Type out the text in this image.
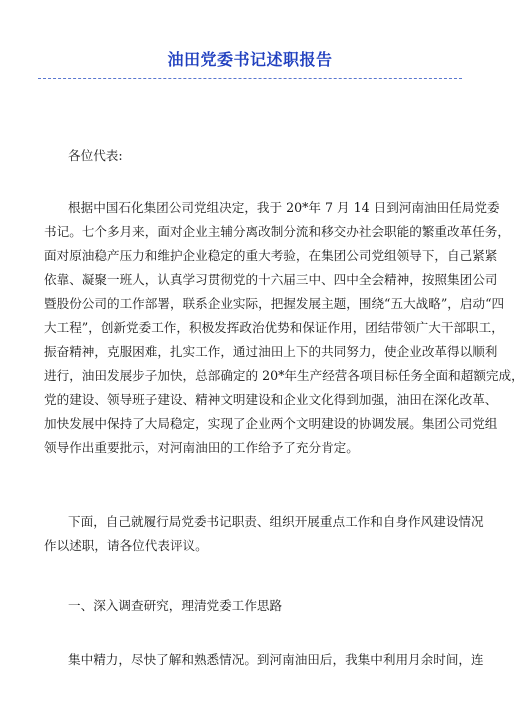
油田党委书记述职报告

各位代表:

根据中国石化集团公司党组决定，我于 20*年 7 月 14 日到河南油田任局党委
书记。七个多月来，面对企业主辅分离改制分流和移交办社会职能的繁重改革任务，
面对原油稳产压力和维护企业稳定的重大考验，在集团公司党组领导下，自己紧紧
依靠、凝聚一班人，认真学习贯彻党的十六届三中、四中全会精神，按照集团公司
暨股份公司的工作部署，联系企业实际，把握发展主题，围绕“五大战略”，启动“四
大工程”，创新党委工作，积极发挥政治优势和保证作用，团结带领广大干部职工，
振奋精神，克服困难，扎实工作，通过油田上下的共同努力，使企业改革得以顺利
进行，油田发展步子加快，总部确定的 20*年生产经营各项目标任务全面和超额完成，
党的建设、领导班子建设、精神文明建设和企业文化得到加强，油田在深化改革、
加快发展中保持了大局稳定，实现了企业两个文明建设的协调发展。集团公司党组
领导作出重要批示，对河南油田的工作给予了充分肯定。

下面，自己就履行局党委书记职责、组织开展重点工作和自身作风建设情况
作以述职，请各位代表评议。

一、深入调查研究，理清党委工作思路

集中精力，尽快了解和熟悉情况。到河南油田后，我集中利用月余时间，连
